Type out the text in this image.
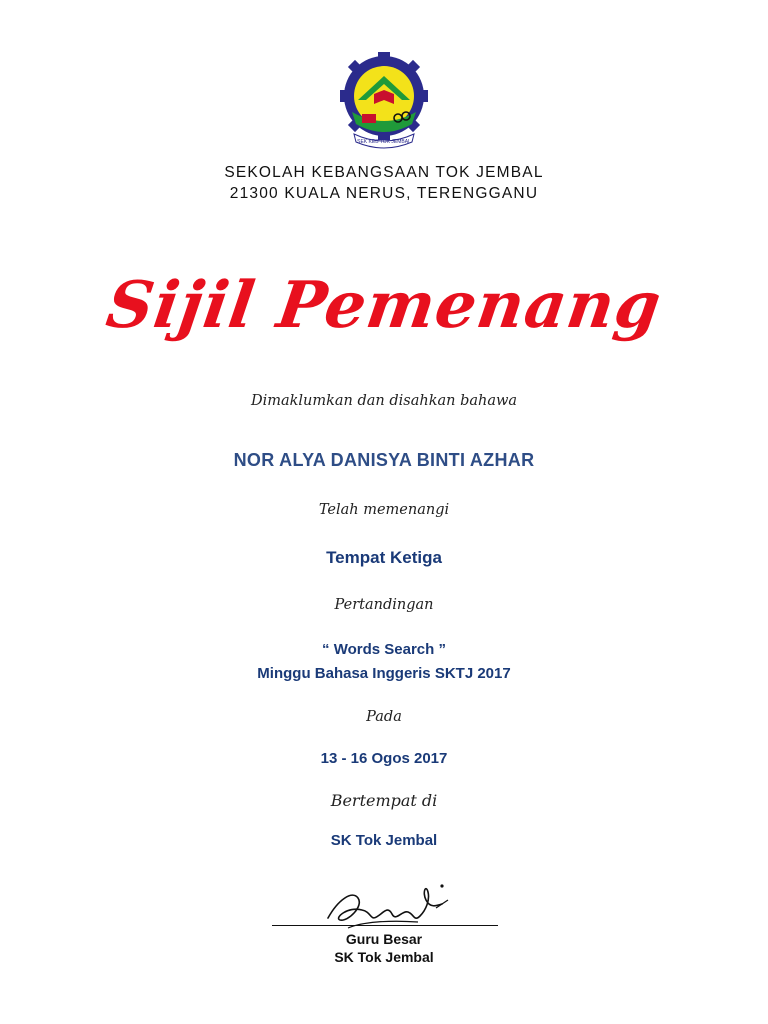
SEK KEB TOK JEMBAL
SEKOLAH KEBANGSAAN TOK JEMBAL
21300 KUALA NERUS, TERENGGANU
Sijil Pemenang
Dimaklumkan dan disahkan bahawa
NOR ALYA DANISYA BINTI AZHAR
Telah memenangi
Tempat Ketiga
Pertandingan
“ Words Search ”
Minggu Bahasa Inggeris SKTJ 2017
Pada
13 - 16 Ogos 2017
Bertempat di
SK Tok Jembal
Guru Besar
SK Tok Jembal
